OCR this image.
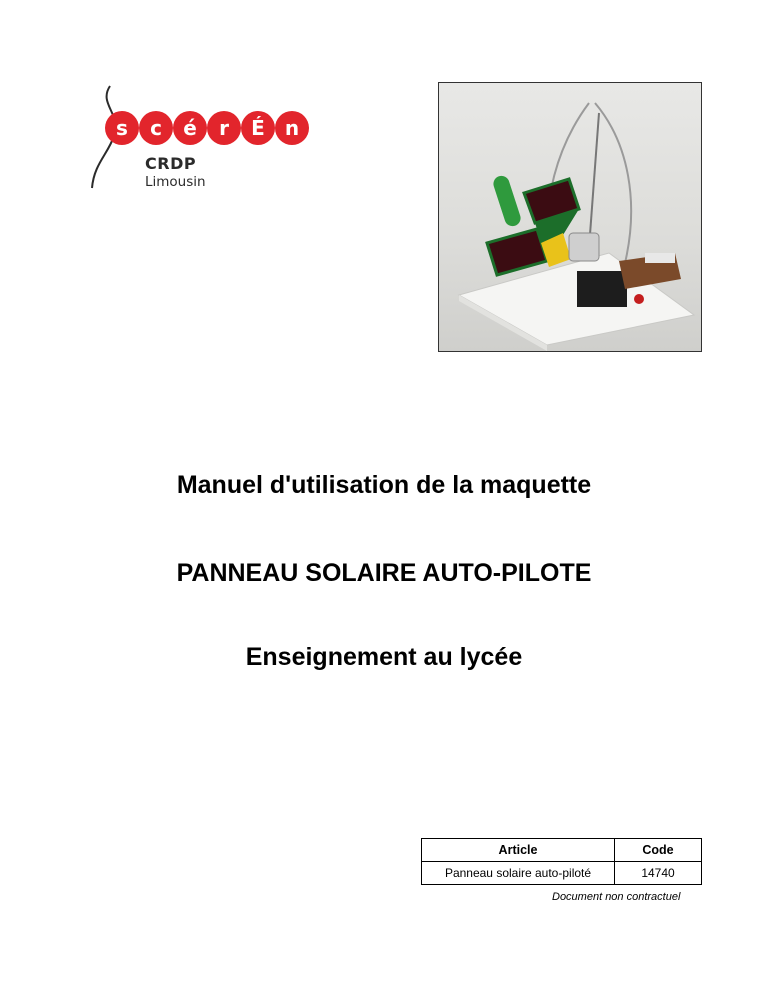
s c é r É n
CRDP
Limousin
Manuel d'utilisation de la maquette
PANNEAU SOLAIRE AUTO-PILOTE
Enseignement au lycée
Article	Code
Panneau solaire auto-piloté	14740
Document non contractuel
